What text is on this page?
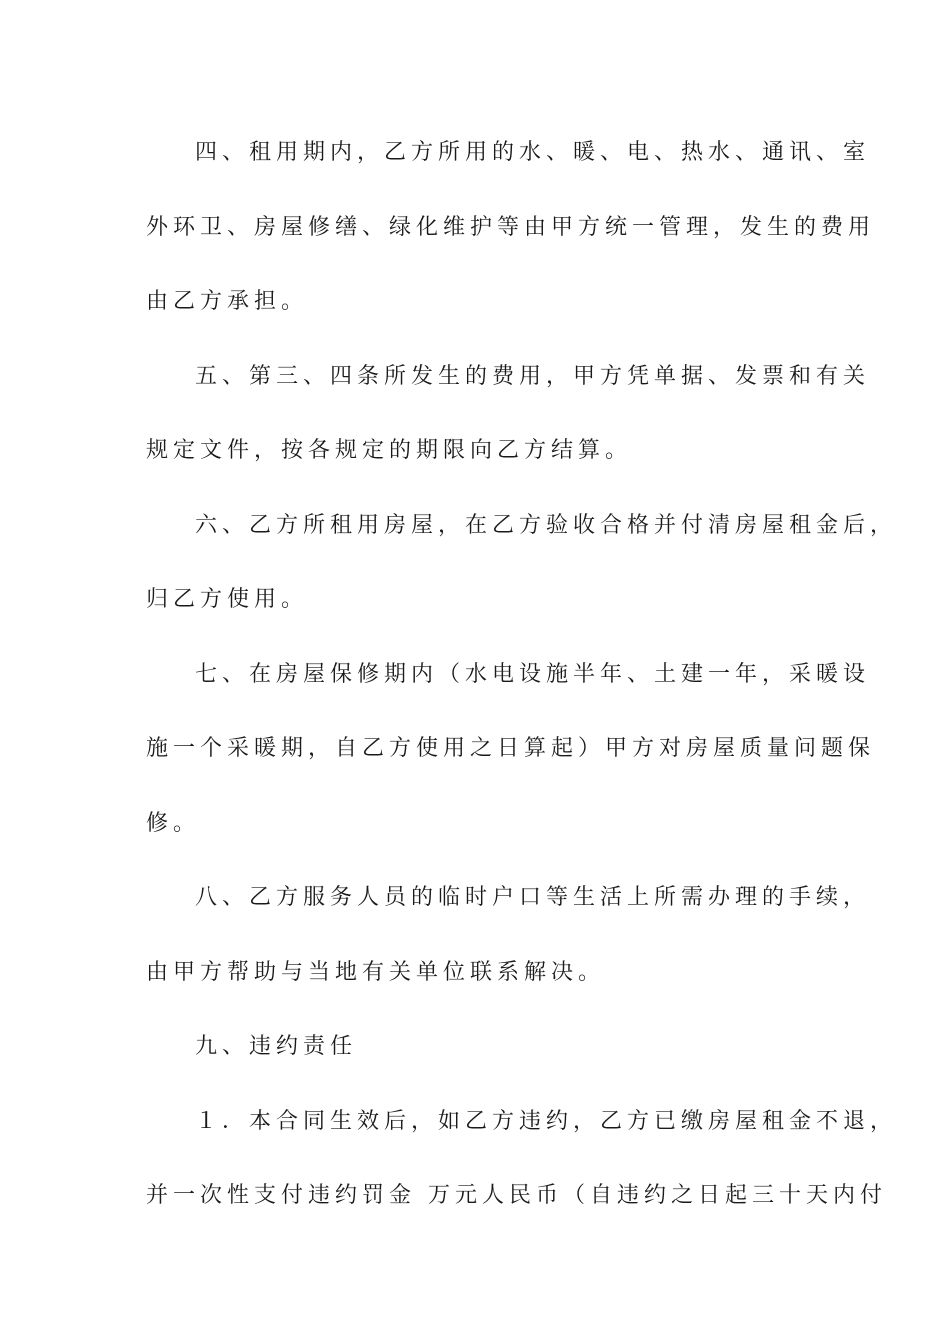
四、租用期内，乙方所用的水、暖、电、热水、通讯、室
外环卫、房屋修缮、绿化维护等由甲方统一管理，发生的费用
由乙方承担。
五、第三、四条所发生的费用，甲方凭单据、发票和有关
规定文件，按各规定的期限向乙方结算。
六、乙方所租用房屋，在乙方验收合格并付清房屋租金后，
归乙方使用。
七、在房屋保修期内（水电设施半年、土建一年，采暖设
施一个采暖期，自乙方使用之日算起）甲方对房屋质量问题保
修。
八、乙方服务人员的临时户口等生活上所需办理的手续，
由甲方帮助与当地有关单位联系解决。
九、违约责任
１．本合同生效后，如乙方违约，乙方已缴房屋租金不退，
并一次性支付违约罚金 万元人民币（自违约之日起三十天内付
